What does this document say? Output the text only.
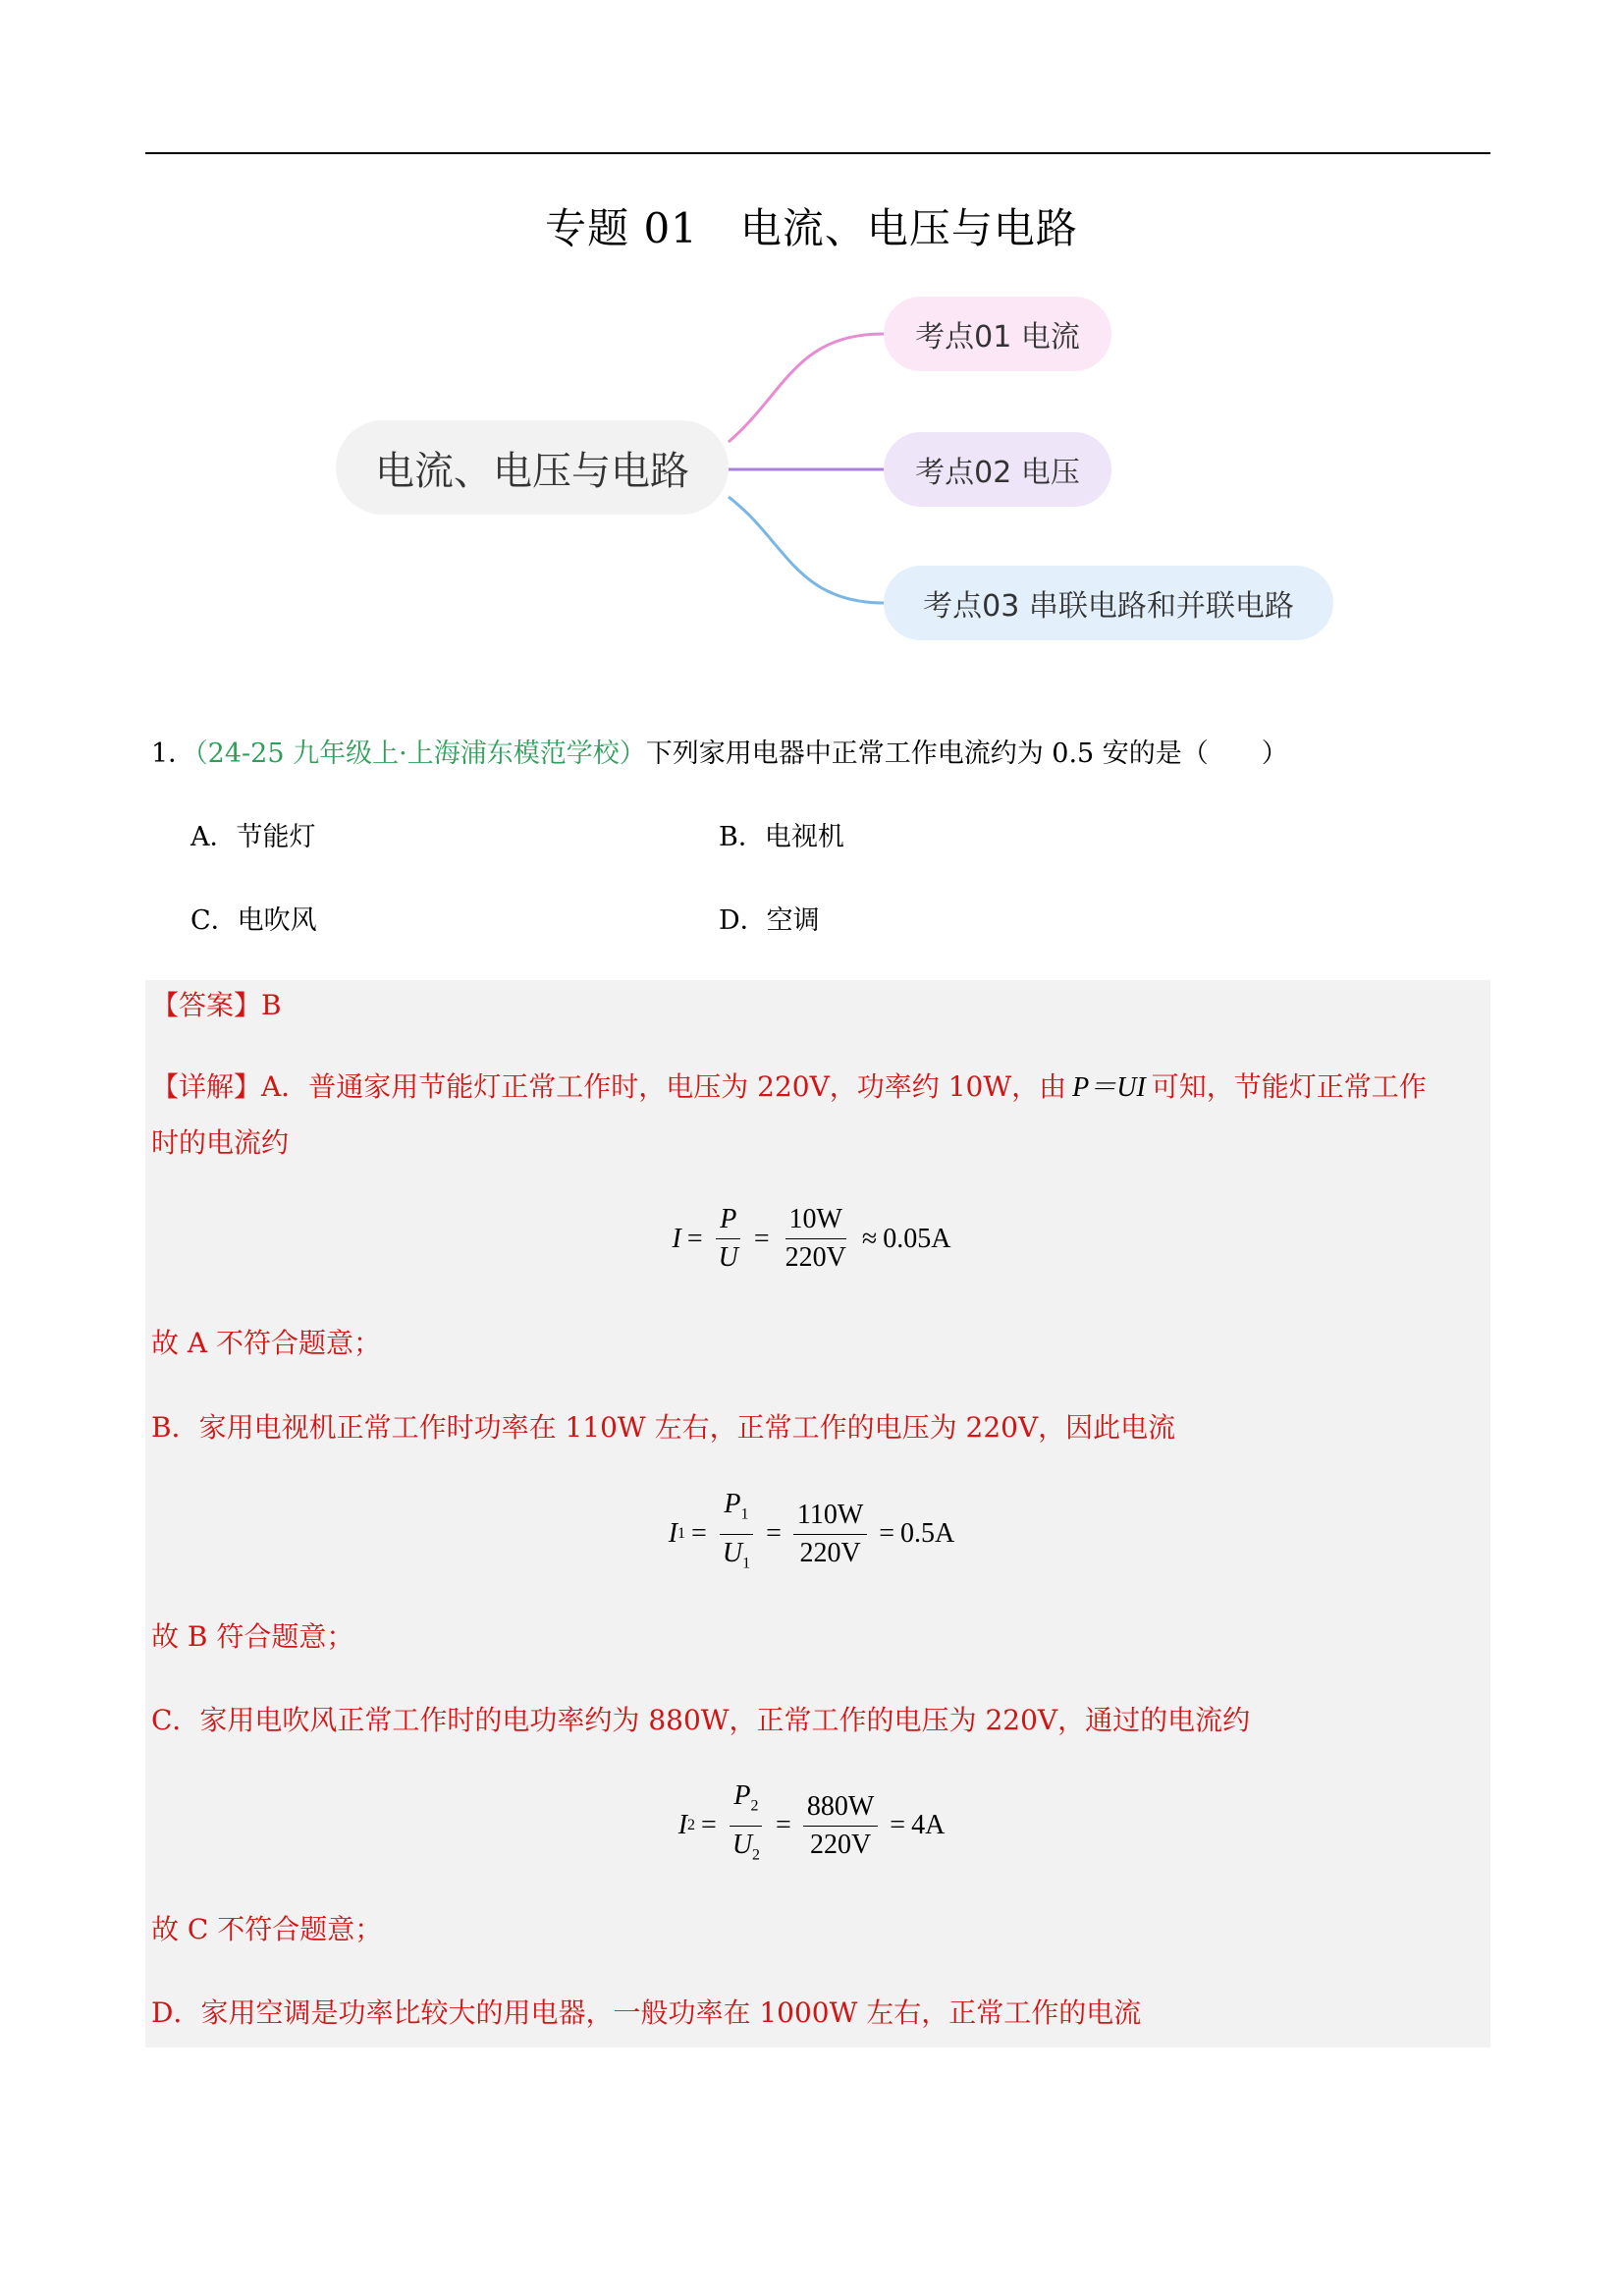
专题 01　电流、电压与电路
电流、电压与电路
考点01 电流
考点02 电压
考点03 串联电路和并联电路
1．（24-25 九年级上·上海浦东模范学校）下列家用电器中正常工作电流约为 0.5 安的是（　　）
A．节能灯	B．电视机
C．电吹风	D．空调
【答案】B
【详解】A．普通家用节能灯正常工作时，电压为 220V，功率约 10W，由 P＝UI 可知，节能灯正常工作
时的电流约
$I = \frac{P}{U} = \frac{10W}{220V} \approx 0.05A$
故 A 不符合题意；
B．家用电视机正常工作时功率在 110W 左右，正常工作的电压为 220V，因此电流
I $1 = \frac{P_1}{U_1} = \frac{110W}{220V} = 0.5A$
故 B 符合题意；
C．家用电吹风正常工作时的电功率约为 880W，正常工作的电压为 220V，通过的电流约
I $2 = \frac{P_2}{U_2} = \frac{880W}{220V} = 4A$
故 C 不符合题意；
D．家用空调是功率比较大的用电器，一般功率在 1000W 左右，正常工作的电流
